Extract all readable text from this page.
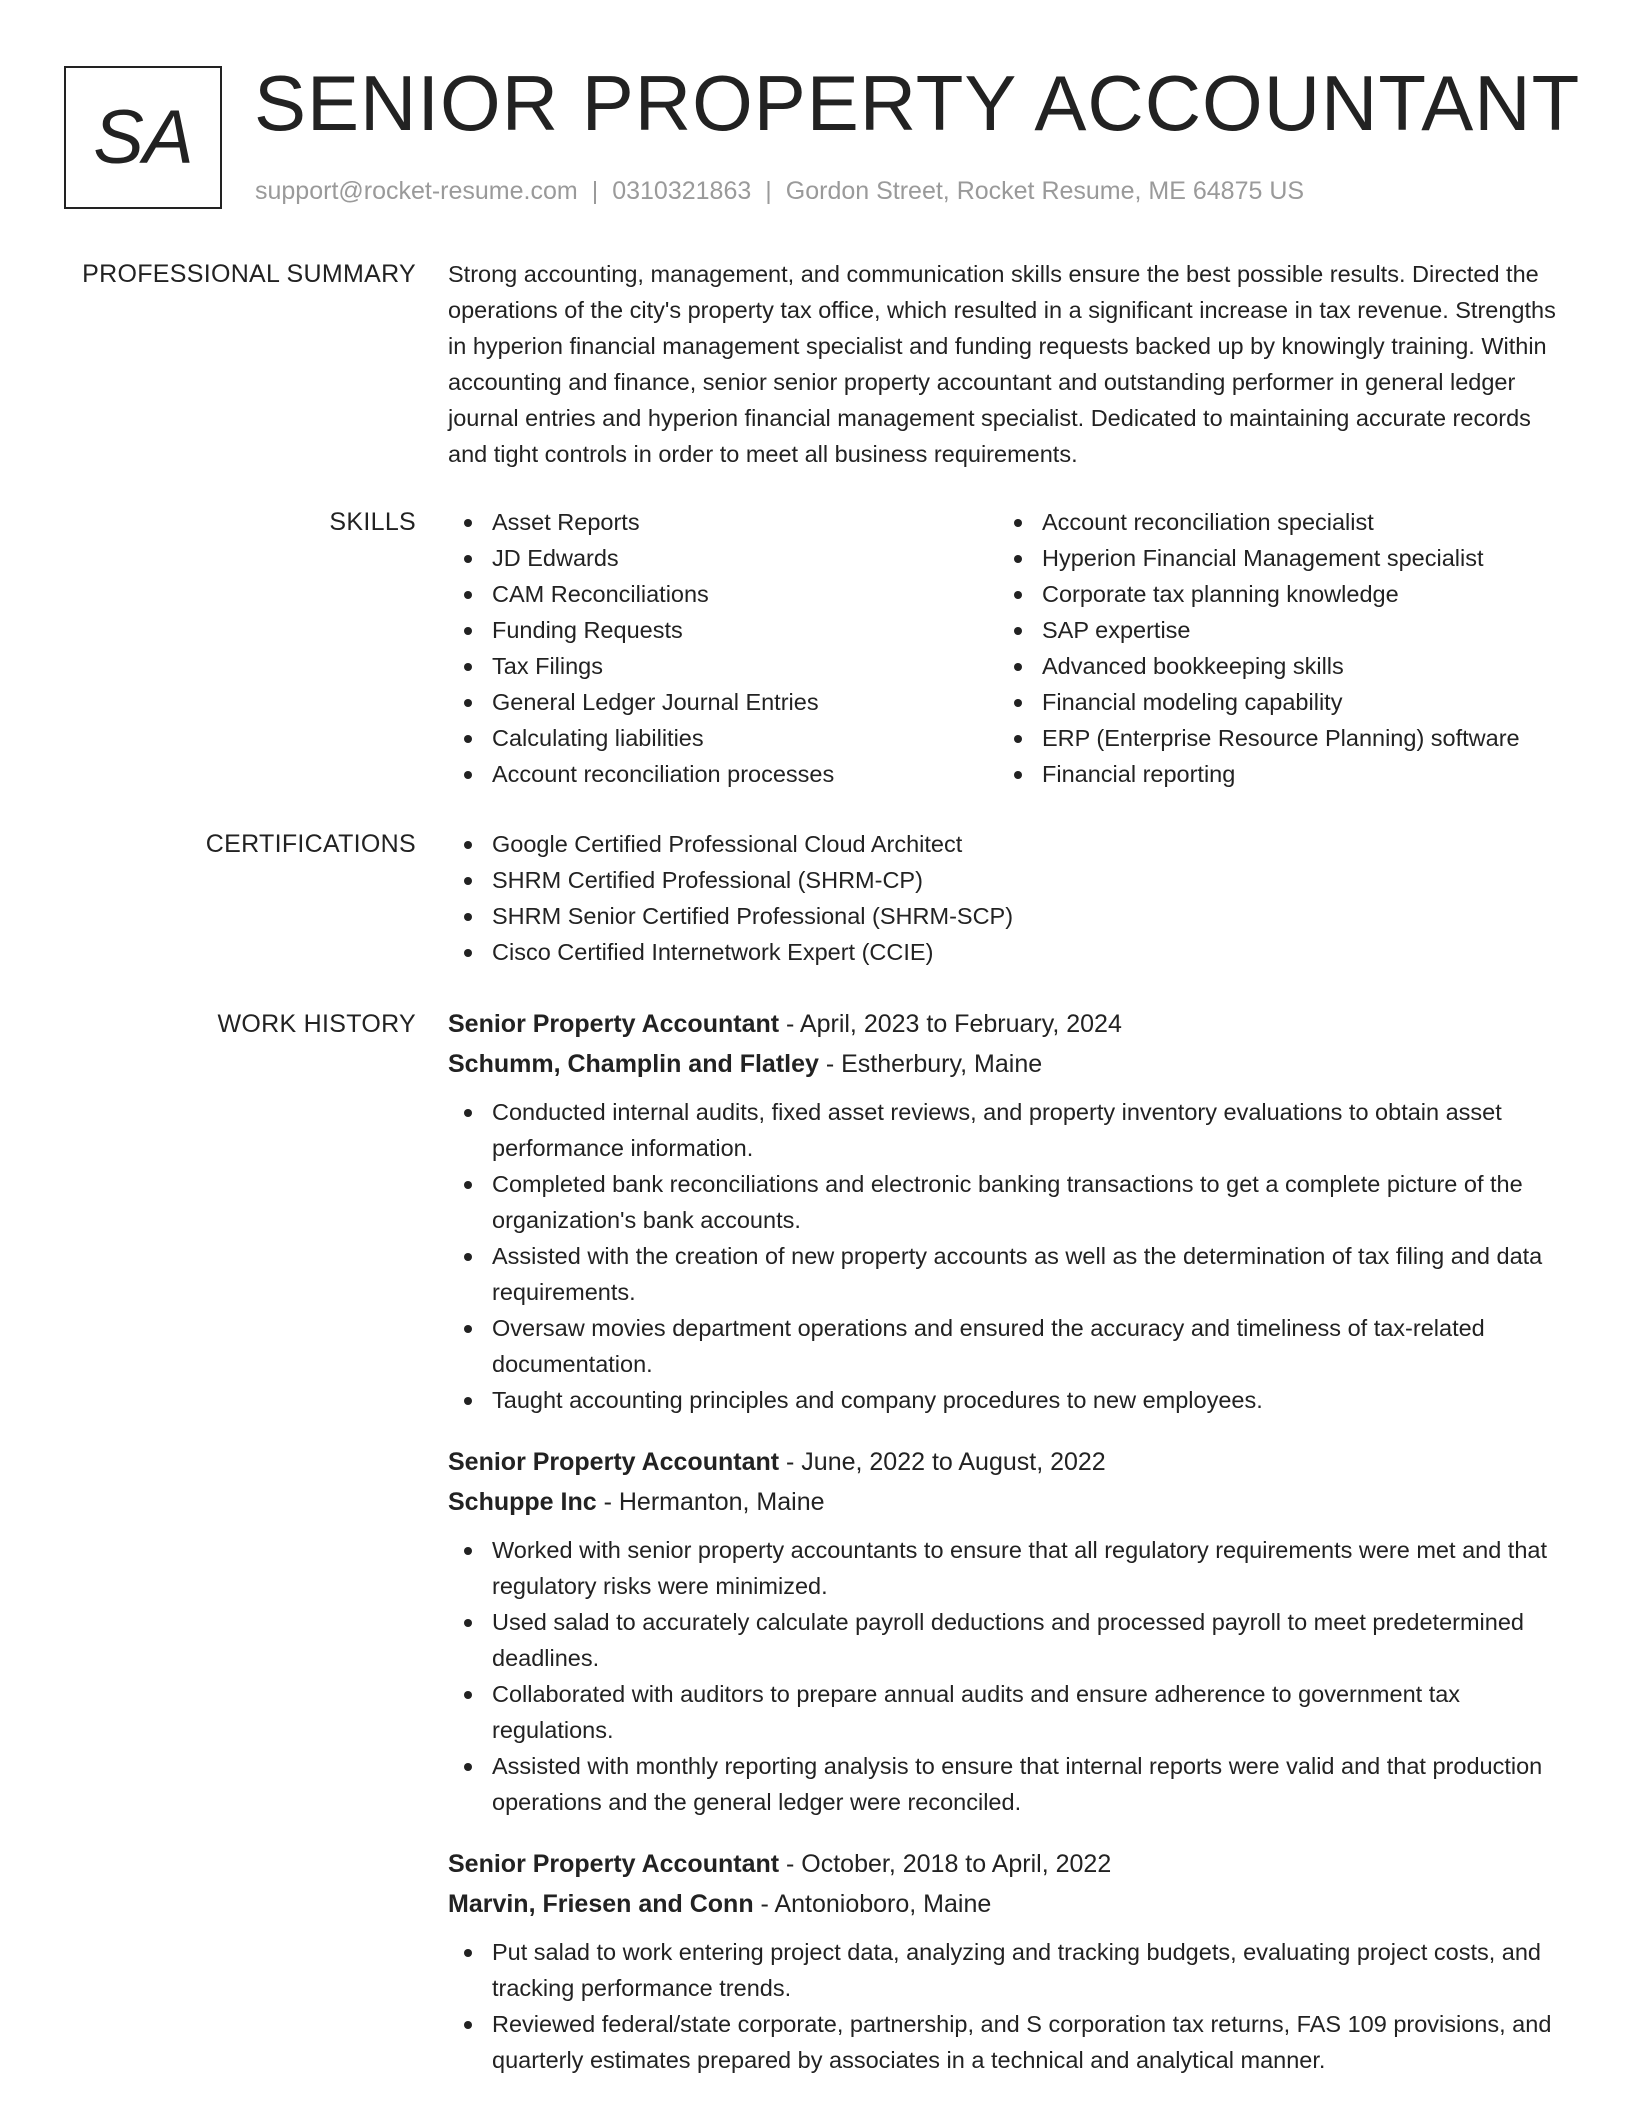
SA SENIOR PROPERTY ACCOUNTANT
support@rocket-resume.com | 0310321863 | Gordon Street, Rocket Resume, ME 64875 US
PROFESSIONAL SUMMARY Strong accounting, management, and communication skills ensure the best possible results. Directed the operations of the city's property tax office, which resulted in a significant increase in tax revenue. Strengths in hyperion financial management specialist and funding requests backed up by knowingly training. Within accounting and finance, senior senior property accountant and outstanding performer in general ledger journal entries and hyperion financial management specialist. Dedicated to maintaining accurate records and tight controls in order to meet all business requirements.
SKILLS	Asset Reports
JD Edwards
CAM Reconciliations
Funding Requests
Tax Filings
General Ledger Journal Entries
Calculating liabilities
Account reconciliation processes
Account reconciliation specialist
Hyperion Financial Management specialist
Corporate tax planning knowledge
SAP expertise
Advanced bookkeeping skills
Financial modeling capability
ERP (Enterprise Resource Planning) software
Financial reporting
CERTIFICATIONS	Google Certified Professional Cloud Architect
SHRM Certified Professional (SHRM-CP)
SHRM Senior Certified Professional (SHRM-SCP)
Cisco Certified Internetwork Expert (CCIE)
WORK HISTORY Senior Property Accountant - April, 2023 to February, 2024
Schumm, Champlin and Flatley - Estherbury, Maine
Conducted internal audits, fixed asset reviews, and property inventory evaluations to obtain asset performance information.
Completed bank reconciliations and electronic banking transactions to get a complete picture of the organization's bank accounts.
Assisted with the creation of new property accounts as well as the determination of tax filing and data requirements.
Oversaw movies department operations and ensured the accuracy and timeliness of tax-related documentation.
Taught accounting principles and company procedures to new employees.
Senior Property Accountant - June, 2022 to August, 2022
Schuppe Inc - Hermanton, Maine
Worked with senior property accountants to ensure that all regulatory requirements were met and that regulatory risks were minimized.
Used salad to accurately calculate payroll deductions and processed payroll to meet predetermined deadlines.
Collaborated with auditors to prepare annual audits and ensure adherence to government tax regulations.
Assisted with monthly reporting analysis to ensure that internal reports were valid and that production operations and the general ledger were reconciled.
Senior Property Accountant - October, 2018 to April, 2022
Marvin, Friesen and Conn - Antonioboro, Maine
Put salad to work entering project data, analyzing and tracking budgets, evaluating project costs, and tracking performance trends.
Reviewed federal/state corporate, partnership, and S corporation tax returns, FAS 109 provisions, and quarterly estimates prepared by associates in a technical and analytical manner.
